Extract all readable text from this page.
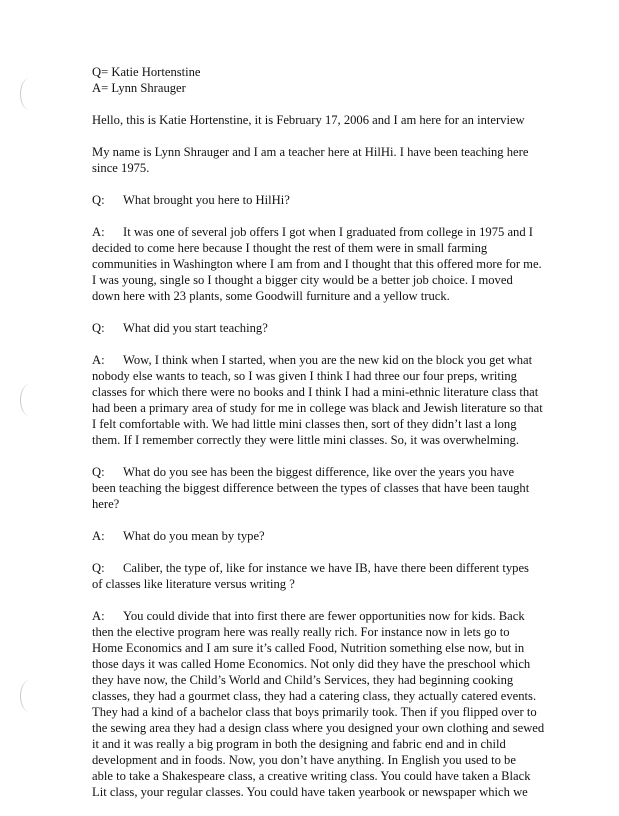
Q= Katie Hortenstine
A= Lynn Shrauger
Hello, this is Katie Hortenstine, it is February 17, 2006 and I am here for an interview
My name is Lynn Shrauger and I am a teacher here at HilHi. I have been teaching here
since 1975.
Q:	What brought you here to HilHi?
A:	It was one of several job offers I got when I graduated from college in 1975 and I
decided to come here because I thought the rest of them were in small farming
communities in Washington where I am from and I thought that this offered more for me.
I was young, single so I thought a bigger city would be a better job choice. I moved
down here with 23 plants, some Goodwill furniture and a yellow truck.
Q:	What did you start teaching?
A:	Wow, I think when I started, when you are the new kid on the block you get what
nobody else wants to teach, so I was given I think I had three our four preps, writing
classes for which there were no books and I think I had a mini-ethnic literature class that
had been a primary area of study for me in college was black and Jewish literature so that
I felt comfortable with. We had little mini classes then, sort of they didn’t last a long
them. If I remember correctly they were little mini classes. So, it was overwhelming.
Q:	What do you see has been the biggest difference, like over the years you have
been teaching the biggest difference between the types of classes that have been taught
here?
A:	What do you mean by type?
Q:	Caliber, the type of, like for instance we have IB, have there been different types
of classes like literature versus writing ?
A:	You could divide that into first there are fewer opportunities now for kids. Back
then the elective program here was really really rich. For instance now in lets go to
Home Economics and I am sure it’s called Food, Nutrition something else now, but in
those days it was called Home Economics. Not only did they have the preschool which
they have now, the Child’s World and Child’s Services, they had beginning cooking
classes, they had a gourmet class, they had a catering class, they actually catered events.
They had a kind of a bachelor class that boys primarily took. Then if you flipped over to
the sewing area they had a design class where you designed your own clothing and sewed
it and it was really a big program in both the designing and fabric end and in child
development and in foods. Now, you don’t have anything. In English you used to be
able to take a Shakespeare class, a creative writing class. You could have taken a Black
Lit class, your regular classes. You could have taken yearbook or newspaper which we
